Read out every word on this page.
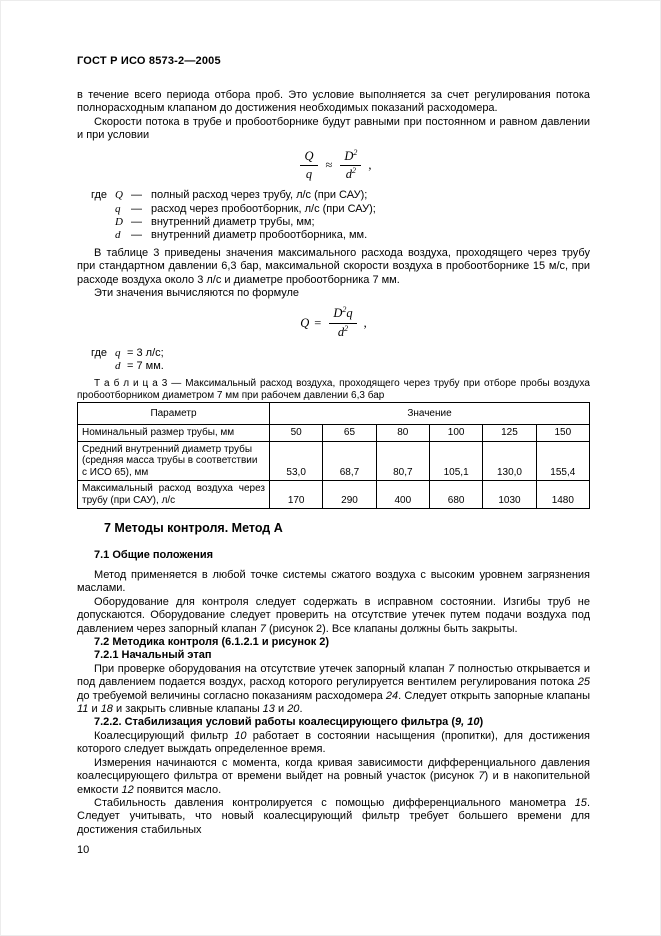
ГОСТ Р ИСО 8573-2—2005

в течение всего периода отбора проб. Это условие выполняется за счет регулирования потока полнорасходным клапаном до достижения необходимых показаний расходомера.

Скорости потока в трубе и пробоотборнике будут равными при постоянном и равном давлении и при условии

$\frac{Q}{q} \approx \frac{D^2}{d^2}$ ,
где Q — полный расход через трубу, л/с (при САУ);
q — расход через пробоотборник, л/с (при САУ);
D — внутренний диаметр трубы, мм;
d — внутренний диаметр пробоотборника, мм.

В таблице 3 приведены значения максимального расхода воздуха, проходящего через трубу при стандартном давлении 6,3 бар, максимальной скорости воздуха в пробоотборнике 15 м/с, при расходе воздуха около 3 л/с и диаметре пробоотборника 7 мм.

Эти значения вычисляются по формуле

$Q = \frac{D^2q}{d^2}$ ,
где q = 3 л/с;
d = 7 мм.

Т а б л и ц а 3 — Максимальный расход воздуха, проходящего через трубу при отборе пробы воздуха пробоотборником диаметром 7 мм при рабочем давлении 6,3 бар

Параметр	Значение					
Номинальный размер трубы, мм	50	65	80	100	125	150
Средний внутренний диаметр трубы (средняя масса трубы в соответствии с ИСО 65), мм	53,0	68,7	80,7	105,1	130,0	155,4
Максимальный расход воздуха через трубу (при САУ), л/с	170	290	400	680	1030	1480
7 Методы контроля. Метод А
7.1 Общие положения

Метод применяется в любой точке системы сжатого воздуха с высоким уровнем загрязнения маслами.

Оборудование для контроля следует содержать в исправном состоянии. Изгибы труб не допускаются. Оборудование следует проверить на отсутствие утечек путем подачи воздуха под давлением через запорный клапан 7 (рисунок 2). Все клапаны должны быть закрыты.

7.2 Методика контроля (6.1.2.1 и рисунок 2)
7.2.1 Начальный этап

При проверке оборудования на отсутствие утечек запорный клапан 7 полностью открывается и под давлением подается воздух, расход которого регулируется вентилем регулирования потока 25 до требуемой величины согласно показаниям расходомера 24. Следует открыть запорные клапаны 11 и 18 и закрыть сливные клапаны 13 и 20.

7.2.2. Стабилизация условий работы коалесцирующего фильтра (9, 10)

Коалесцирующий фильтр 10 работает в состоянии насыщения (пропитки), для достижения которого следует выждать определенное время.

Измерения начинаются с момента, когда кривая зависимости дифференциального давления коалесцирующего фильтра от времени выйдет на ровный участок (рисунок 7) и в накопительной емкости 12 появится масло.

Стабильность давления контролируется с помощью дифференциального манометра 15. Следует учитывать, что новый коалесцирующий фильтр требует большего времени для достижения стабильных

10
